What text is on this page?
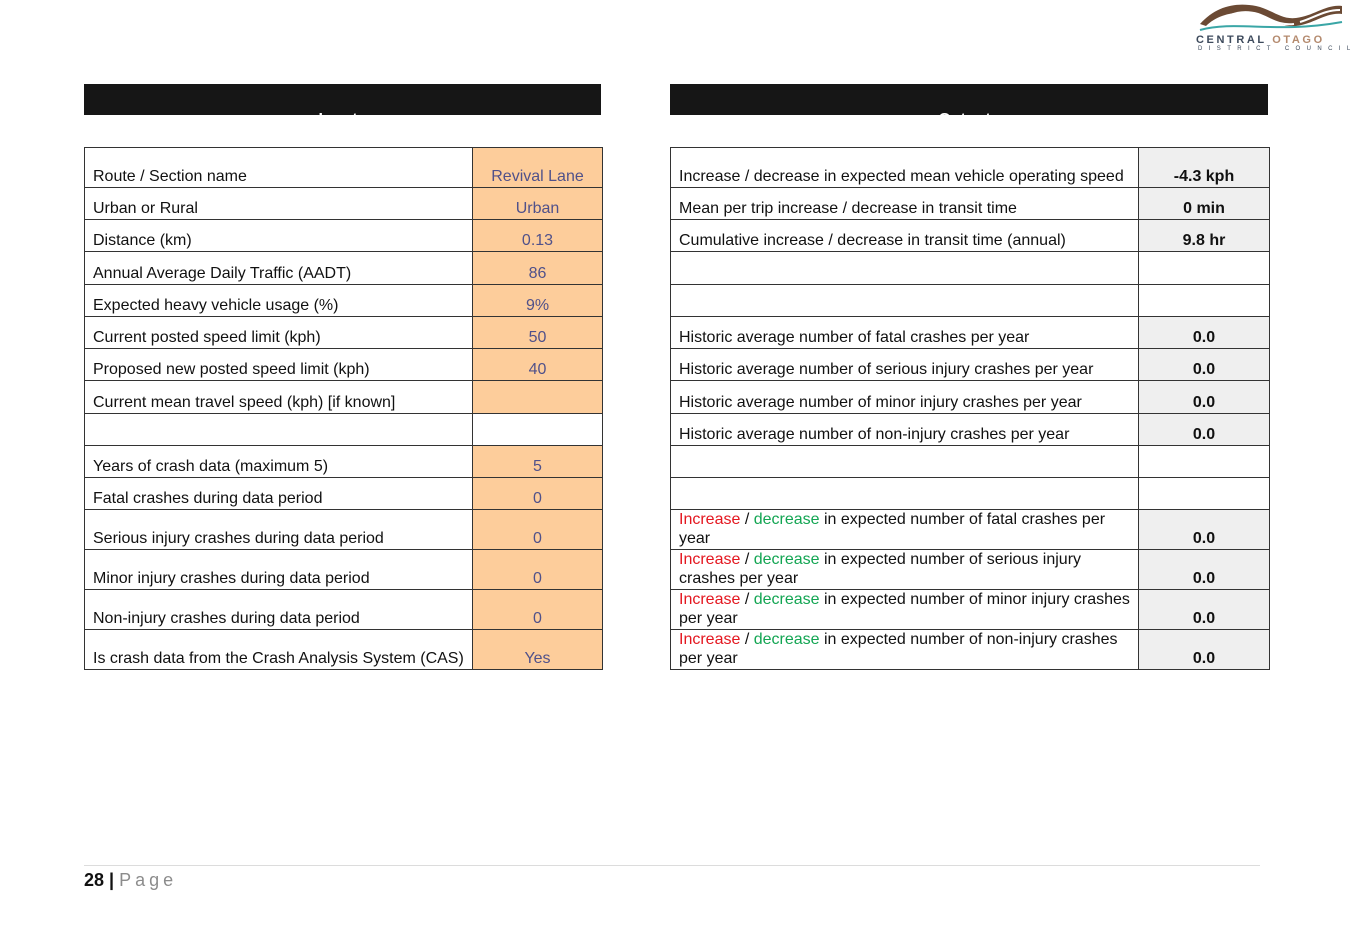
CENTRAL OTAGO
DISTRICT COUNCIL
Inputs	Outputs
Route / Section name	Revival Lane
Urban or Rural	Urban
Distance (km)	0.13
Annual Average Daily Traffic (AADT)	86
Expected heavy vehicle usage (%)	9%
Current posted speed limit (kph)	50
Proposed new posted speed limit (kph)	40
Current mean travel speed (kph) [if known]	

Years of crash data (maximum 5)	5
Fatal crashes during data period	0
Serious injury crashes during data period	0
Minor injury crashes during data period	0
Non-injury crashes during data period	0
Is crash data from the Crash Analysis System (CAS)	Yes
Increase / decrease in expected mean vehicle operating speed	-4.3 kph
Mean per trip increase / decrease in transit time	0 min
Cumulative increase / decrease in transit time (annual)	9.8 hr

Historic average number of fatal crashes per year	0.0
Historic average number of serious injury crashes per year	0.0
Historic average number of minor injury crashes per year	0.0
Historic average number of non-injury crashes per year	0.0

Increase / decrease in expected number of fatal crashes per year	0.0
Increase / decrease in expected number of serious injury crashes per year	0.0
Increase / decrease in expected number of minor injury crashes per year	0.0
Increase / decrease in expected number of non-injury crashes per year	0.0
28 | Page
